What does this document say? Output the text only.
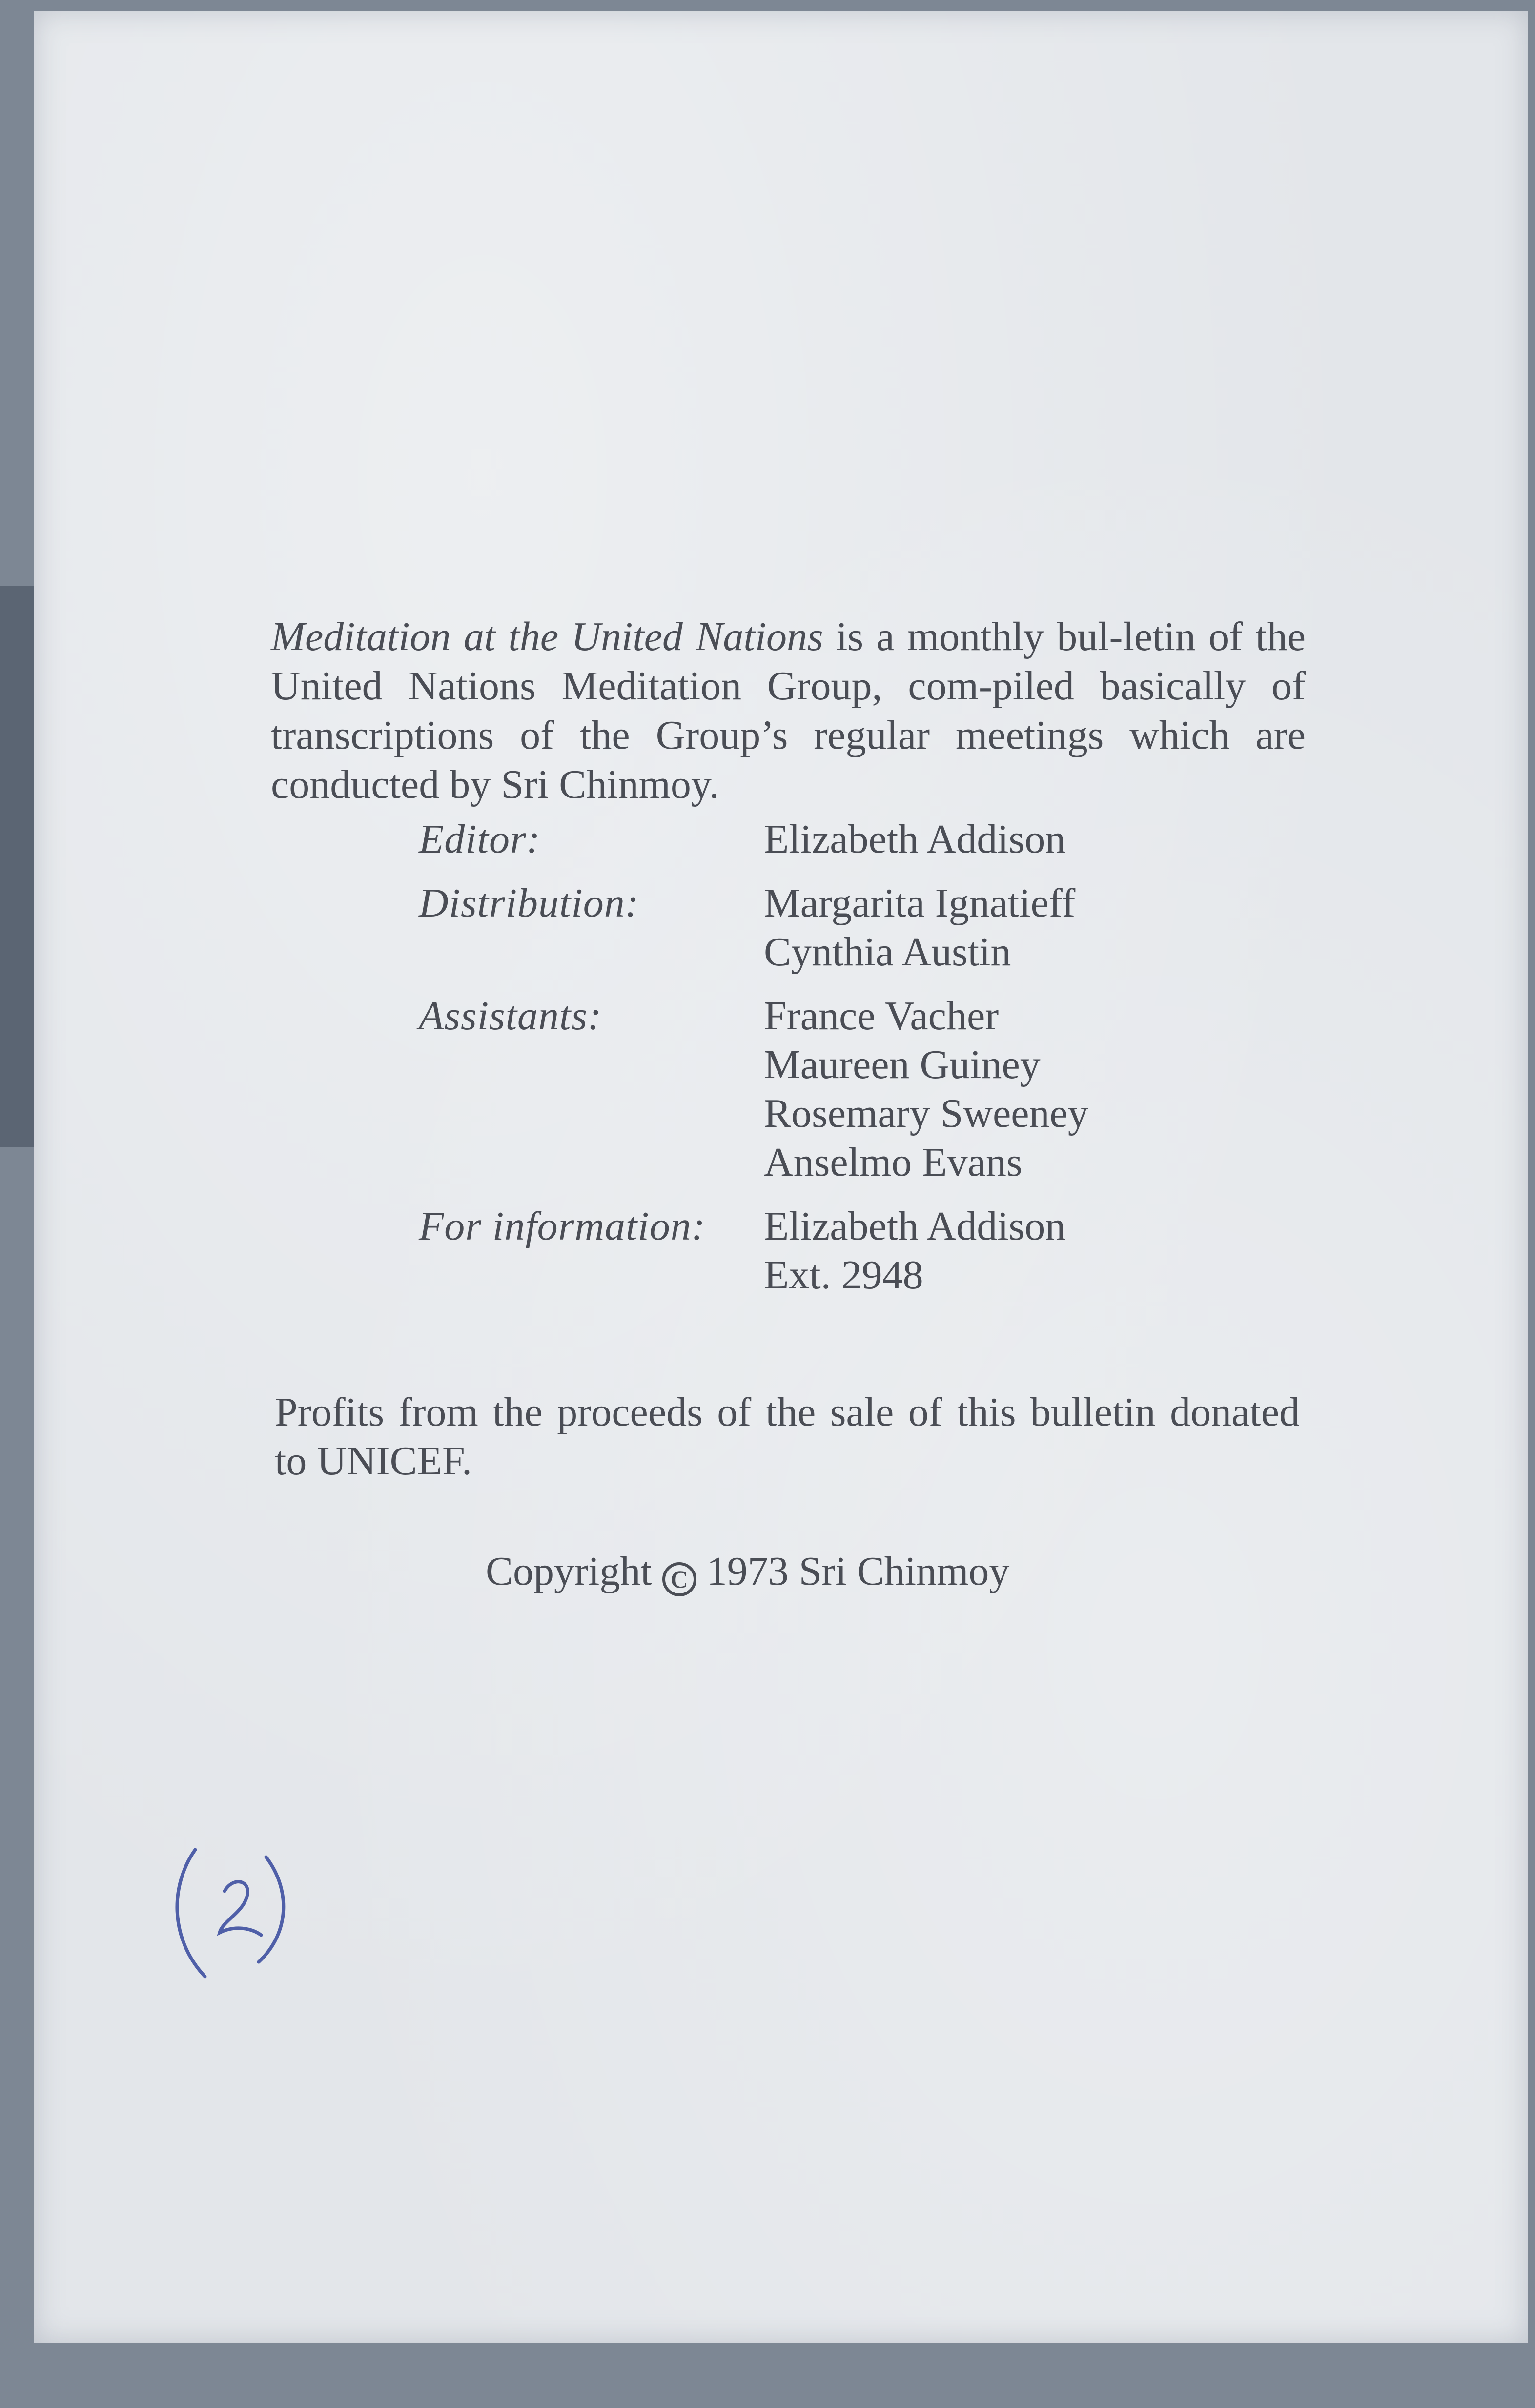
Meditation at the United Nations is a monthly bul-letin of the United Nations Meditation Group, com-piled basically of transcriptions of the Group’s regular meetings which are conducted by Sri Chinmoy.

Editor:	Elizabeth Addison
Distribution:	Margarita Ignatieff
Cynthia Austin
Assistants:	France Vacher
Maureen Guiney
Rosemary Sweeney
Anselmo Evans
For information:	Elizabeth Addison
Ext. 2948

Profits from the proceeds of the sale of this bulletin donated to UNICEF.

Copyright C 1973 Sri Chinmoy
